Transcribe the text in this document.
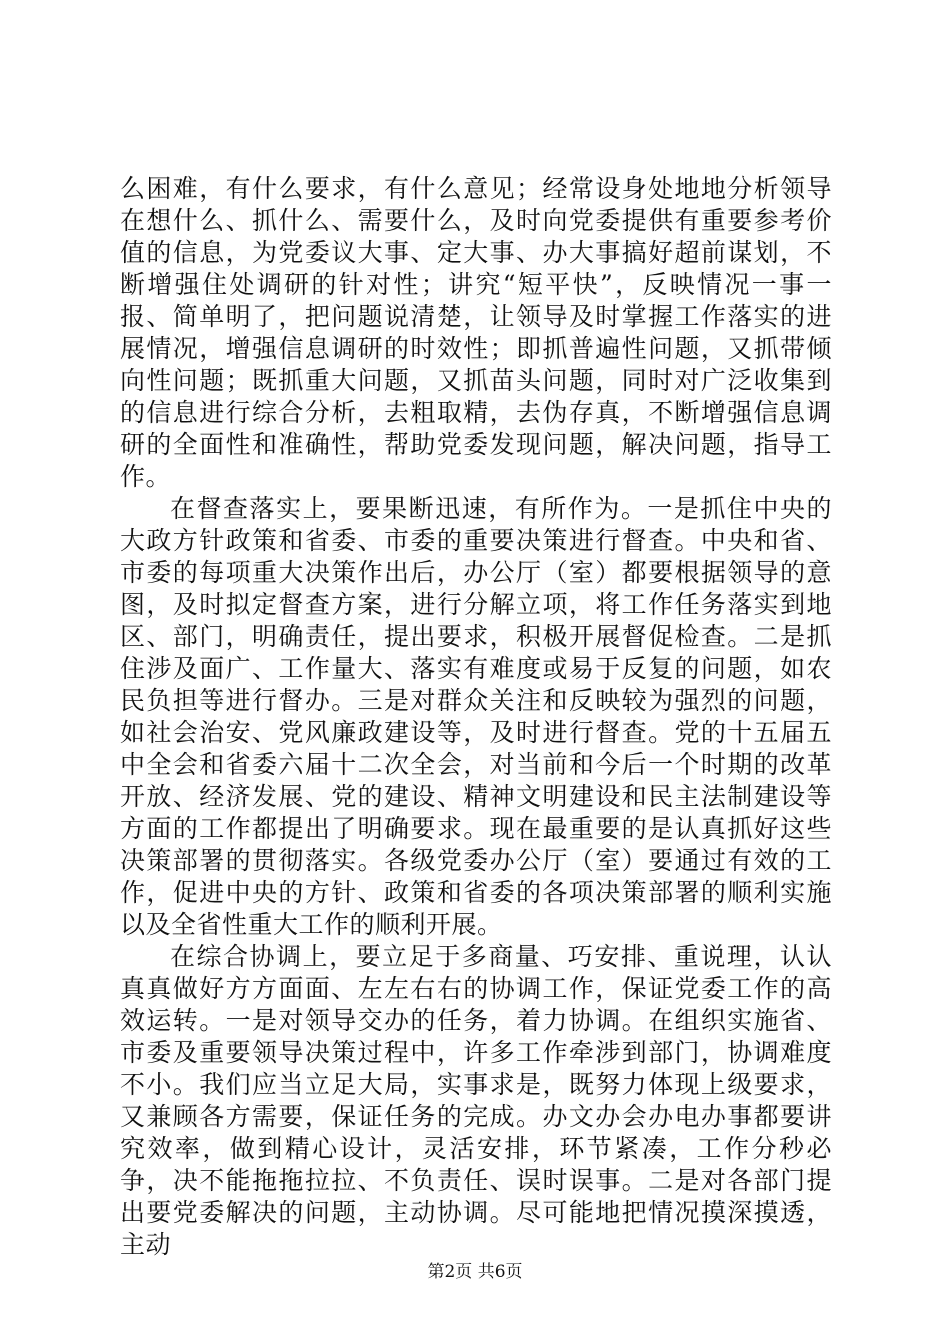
么困难，有什么要求，有什么意见；经常设身处地地分析领导在想什么、抓什么、需要什么，及时向党委提供有重要参考价值的信息，为党委议大事、定大事、办大事搞好超前谋划，不断增强住处调研的针对性；讲究“短平快”，反映情况一事一报、简单明了，把问题说清楚，让领导及时掌握工作落实的进展情况，增强信息调研的时效性；即抓普遍性问题，又抓带倾向性问题；既抓重大问题，又抓苗头问题，同时对广泛收集到的信息进行综合分析，去粗取精，去伪存真，不断增强信息调研的全面性和准确性，帮助党委发现问题，解决问题，指导工作。

在督查落实上，要果断迅速，有所作为。一是抓住中央的大政方针政策和省委、市委的重要决策进行督查。中央和省、市委的每项重大决策作出后，办公厅（室）都要根据领导的意图，及时拟定督查方案，进行分解立项，将工作任务落实到地区、部门，明确责任，提出要求，积极开展督促检查。二是抓住涉及面广、工作量大、落实有难度或易于反复的问题，如农民负担等进行督办。三是对群众关注和反映较为强烈的问题，如社会治安、党风廉政建设等，及时进行督查。党的十五届五中全会和省委六届十二次全会，对当前和今后一个时期的改革开放、经济发展、党的建设、精神文明建设和民主法制建设等方面的工作都提出了明确要求。现在最重要的是认真抓好这些决策部署的贯彻落实。各级党委办公厅（室）要通过有效的工作，促进中央的方针、政策和省委的各项决策部署的顺利实施以及全省性重大工作的顺利开展。

在综合协调上，要立足于多商量、巧安排、重说理，认认真真做好方方面面、左左右右的协调工作，保证党委工作的高效运转。一是对领导交办的任务，着力协调。在组织实施省、市委及重要领导决策过程中，许多工作牵涉到部门，协调难度不小。我们应当立足大局，实事求是，既努力体现上级要求，又兼顾各方需要，保证任务的完成。办文办会办电办事都要讲究效率，做到精心设计，灵活安排，环节紧凑，工作分秒必争，决不能拖拖拉拉、不负责任、误时误事。二是对各部门提出要党委解决的问题，主动协调。尽可能地把情况摸深摸透，主动

第2页 共6页
